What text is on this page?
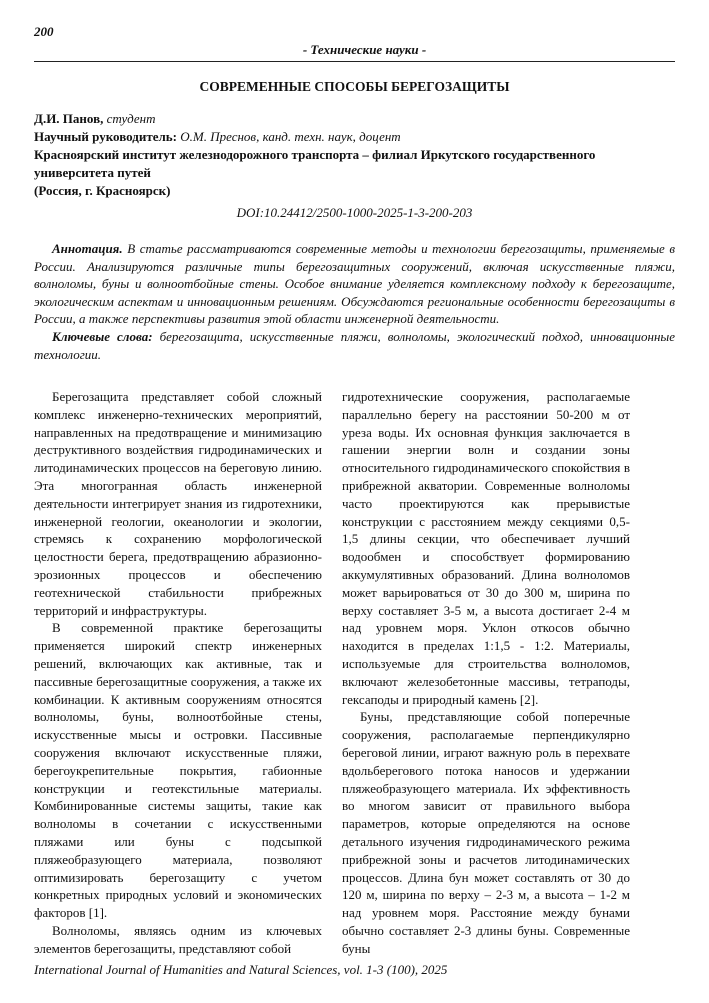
200
- Технические науки -
СОВРЕМЕННЫЕ СПОСОБЫ БЕРЕГОЗАЩИТЫ
Д.И. Панов, студент
Научный руководитель: О.М. Преснов, канд. техн. наук, доцент
Красноярский институт железнодорожного транспорта – филиал Иркутского государственного университета путей
(Россия, г. Красноярск)
DOI:10.24412/2500-1000-2025-1-3-200-203

Аннотация. В статье рассматриваются современные методы и технологии берегозащиты, применяемые в России. Анализируются различные типы берегозащитных сооружений, включая искусственные пляжи, волноломы, буны и волноотбойные стены. Особое внимание уделяется комплексному подходу к берегозащите, экологическим аспектам и инновационным решениям. Обсуждаются региональные особенности берегозащиты в России, а также перспективы развития этой области инженерной деятельности.

Ключевые слова: берегозащита, искусственные пляжи, волноломы, экологический подход, инновационные технологии.

Берегозащита представляет собой сложный комплекс инженерно-технических мероприятий, направленных на предотвращение и минимизацию деструктивного воздействия гидродинамических и литодинамических процессов на береговую линию. Эта многогранная область инженерной деятельности интегрирует знания из гидротехники, инженерной геологии, океанологии и экологии, стремясь к сохранению морфологической целостности берега, предотвращению абразионно-эрозионных процессов и обеспечению геотехнической стабильности прибрежных территорий и инфраструктуры.

В современной практике берегозащиты применяется широкий спектр инженерных решений, включающих как активные, так и пассивные берегозащитные сооружения, а также их комбинации. К активным сооружениям относятся волноломы, буны, волноотбойные стены, искусственные мысы и островки. Пассивные сооружения включают искусственные пляжи, берегоукрепительные покрытия, габионные конструкции и геотекстильные материалы. Комбинированные системы защиты, такие как волноломы в сочетании с искусственными пляжами или буны с подсыпкой пляжеобразующего материала, позволяют оптимизировать берегозащиту с учетом конкретных природных условий и экономических факторов [1].

Волноломы, являясь одним из ключевых элементов берегозащиты, представляют собой

гидротехнические сооружения, располагаемые параллельно берегу на расстоянии 50-200 м от уреза воды. Их основная функция заключается в гашении энергии волн и создании зоны относительного гидродинамического спокойствия в прибрежной акватории. Современные волноломы часто проектируются как прерывистые конструкции с расстоянием между секциями 0,5-1,5 длины секции, что обеспечивает лучший водообмен и способствует формированию аккумулятивных образований. Длина волноломов может варьироваться от 30 до 300 м, ширина по верху составляет 3-5 м, а высота достигает 2-4 м над уровнем моря. Уклон откосов обычно находится в пределах 1:1,5 - 1:2. Материалы, используемые для строительства волноломов, включают железобетонные массивы, тетраподы, гексаподы и природный камень [2].

Буны, представляющие собой поперечные сооружения, располагаемые перпендикулярно береговой линии, играют важную роль в перехвате вдольберегового потока наносов и удержании пляжеобразующего материала. Их эффективность во многом зависит от правильного выбора параметров, которые определяются на основе детального изучения гидродинамического режима прибрежной зоны и расчетов литодинамических процессов. Длина бун может составлять от 30 до 120 м, ширина по верху – 2-3 м, а высота – 1-2 м над уровнем моря. Расстояние между бунами обычно составляет 2-3 длины буны. Современные буны

International Journal of Humanities and Natural Sciences, vol. 1-3 (100), 2025
